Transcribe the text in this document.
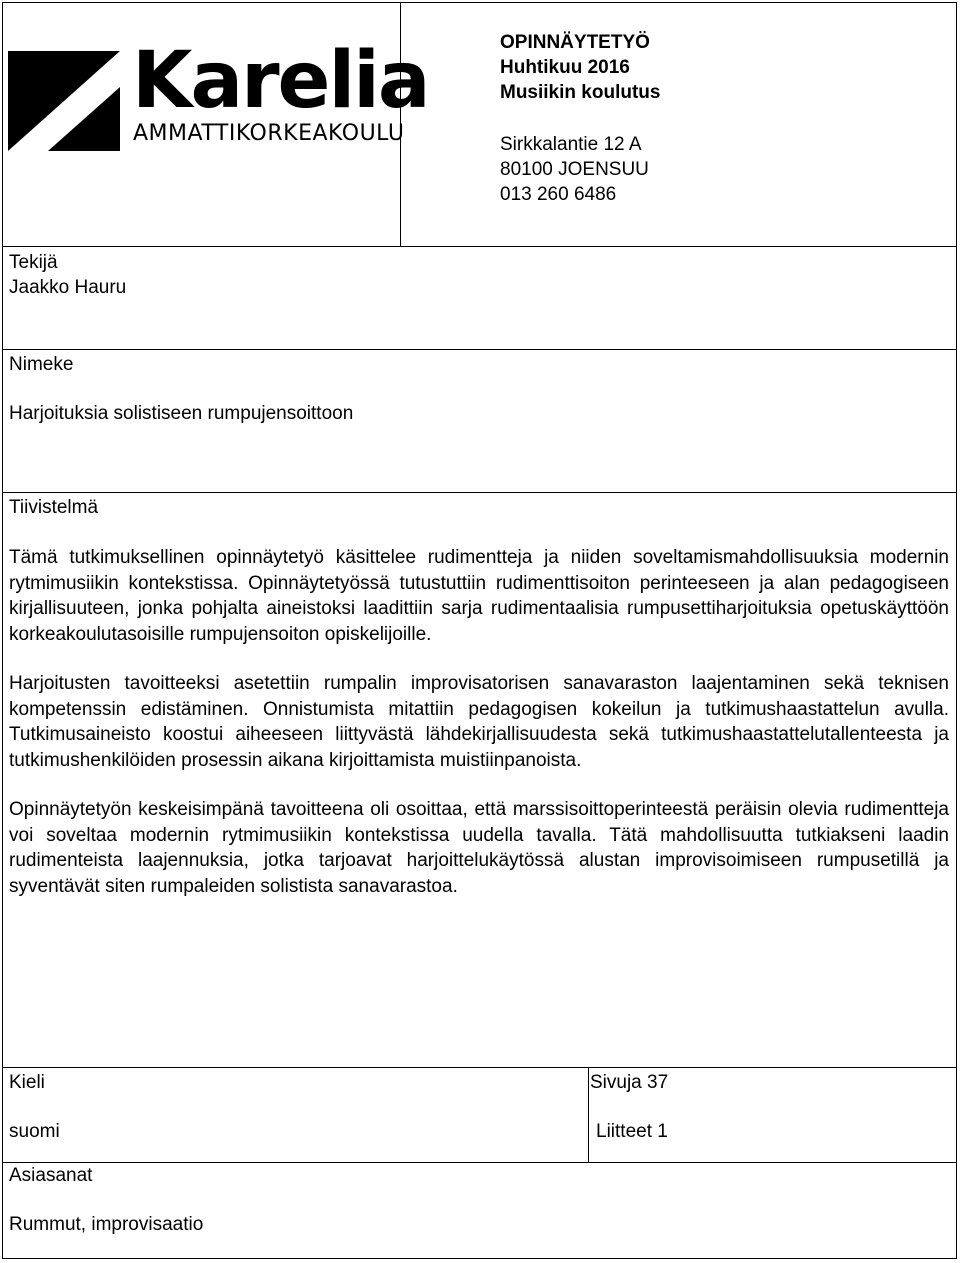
Karelia
AMMATTIKORKEAKOULU
OPINNÄYTETYÖ
Huhtikuu 2016
Musiikin koulutus
Sirkkalantie 12 A
80100 JOENSUU
013 260 6486
Tekijä
Jaakko Hauru
Nimeke
Harjoituksia solistiseen rumpujensoittoon
Tiivistelmä

Tämä tutkimuksellinen opinnäytetyö käsittelee rudimentteja ja niiden soveltamismahdollisuuksia modernin rytmimusiikin kontekstissa. Opinnäytetyössä tutustuttiin rudimenttisoiton perinteeseen ja alan pedagogiseen kirjallisuuteen, jonka pohjalta aineistoksi laadittiin sarja rudimentaalisia rumpusettiharjoituksia opetuskäyttöön korkeakoulutasoisille rumpujensoiton opiskelijoille.

Harjoitusten tavoitteeksi asetettiin rumpalin improvisatorisen sanavaraston laajentaminen sekä teknisen kompetenssin edistäminen. Onnistumista mitattiin pedagogisen kokeilun ja tutkimushaastattelun avulla. Tutkimusaineisto koostui aiheeseen liittyvästä lähdekirjallisuudesta sekä tutkimushaastattelutallenteesta ja tutkimushenkilöiden prosessin aikana kirjoittamista muistiinpanoista.

Opinnäytetyön keskeisimpänä tavoitteena oli osoittaa, että marssisoittoperinteestä peräisin olevia rudimentteja voi soveltaa modernin rytmimusiikin kontekstissa uudella tavalla. Tätä mahdollisuutta tutkiakseni laadin rudimenteista laajennuksia, jotka tarjoavat harjoittelukäytössä alustan improvisoimiseen rumpusetillä ja syventävät siten rumpaleiden solistista sanavarastoa.

Kieli
suomi
Sivuja 37
Liitteet 1
Asiasanat
Rummut, improvisaatio
